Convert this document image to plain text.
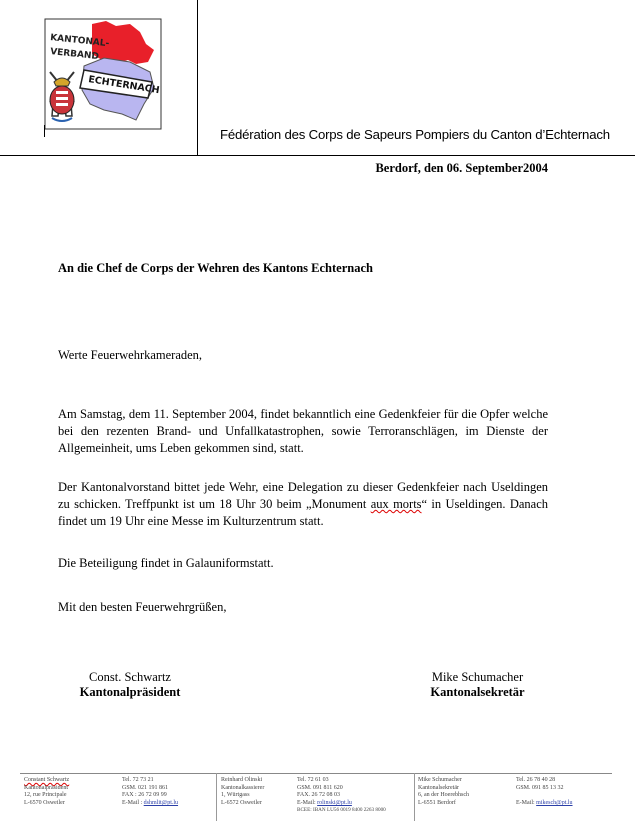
KANTONAL-
VERBAND
ECHTERNACH
Fédération des Corps de Sapeurs Pompiers du Canton d’Echternach
Berdorf, den 06. September2004
An die Chef de Corps der Wehren des Kantons Echternach
Werte Feuerwehrkameraden,
Am Samstag, dem 11. September 2004, findet bekanntlich eine Gedenkfeier für die Opfer welche bei den rezenten Brand- und Unfallkatastrophen, sowie Terroranschlägen, im Dienste der Allgemeinheit, ums Leben gekommen sind, statt.
Der Kantonalvorstand bittet jede Wehr, eine Delegation zu dieser Gedenkfeier nach Useldingen zu schicken. Treffpunkt ist um 18 Uhr 30 beim „Monument aux morts“ in Useldingen. Danach findet um 19 Uhr eine Messe im Kulturzentrum statt.
Die Beteiligung findet in Galauniformstatt.
Mit den besten Feuerwehrgrüßen,
Const. Schwartz
Kantonalpräsident
Mike Schumacher
Kantonalsekretär
Constant Schwartz
Kantonalpräsident
12, rue Principale
L-6570 Osweiler
Tel. 72 73 21
GSM. 021 191 861
FAX : 26 72 09 99
E-Mail : dshmlit@pt.lu
Reinhard Olinski
Kantonalkassierer
1, Würtgass
L-6572 Osweiler
Tel. 72 61 03
GSM. 091 811 620
FAX. 26 72 08 03
E-Mail: rolinski@pt.lu
BCEE: IBAN LU56 0019 8400 2263 8000
Mike Schumacher
Kantonalsekretär
6, an der Hoerebhsch
L-6551 Berdorf
Tel. 26 78 40 28
GSM. 091 85 13 32
E-Mail: mikesch@pt.lu
